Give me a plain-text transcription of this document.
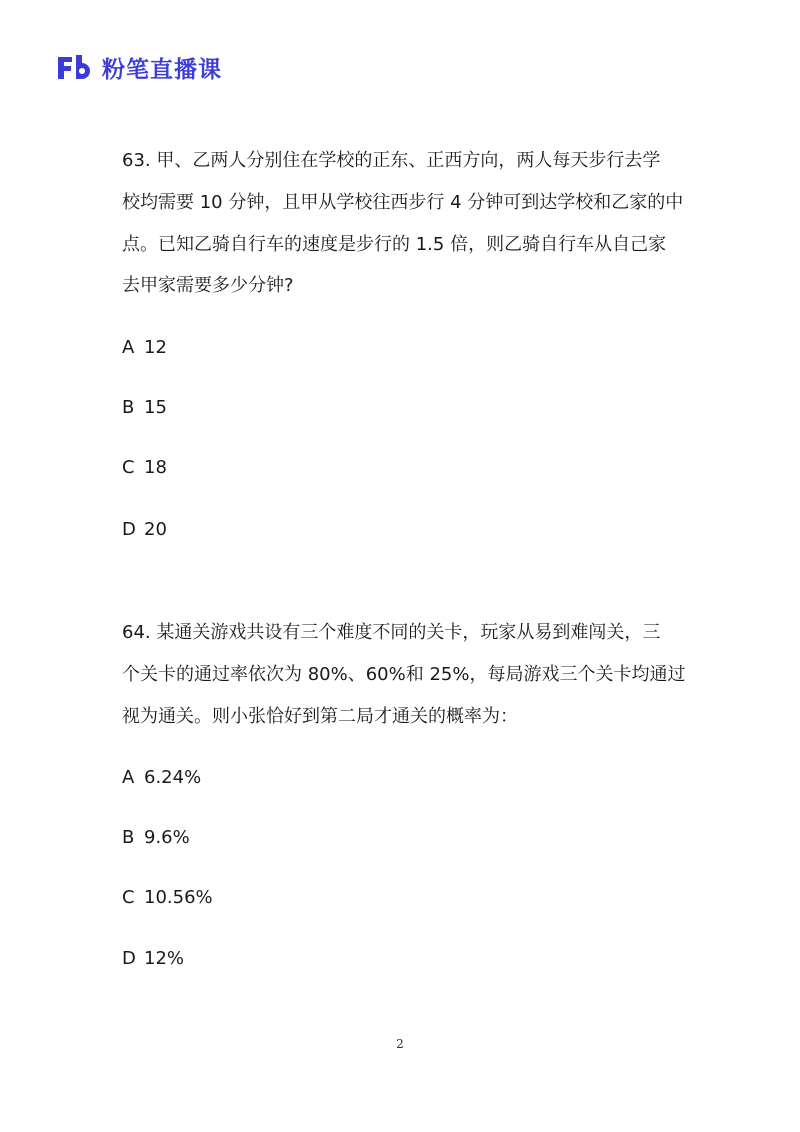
粉笔直播课
63. 甲、乙两人分别住在学校的正东、正西方向，两人每天步行去学
校均需要 10 分钟，且甲从学校往西步行 4 分钟可到达学校和乙家的中
点。已知乙骑自行车的速度是步行的 1.5 倍，则乙骑自行车从自己家
去甲家需要多少分钟?
A 12
B 15
C 18
D 20
64. 某通关游戏共设有三个难度不同的关卡，玩家从易到难闯关，三
个关卡的通过率依次为 80%、60%和 25%，每局游戏三个关卡均通过
视为通关。则小张恰好到第二局才通关的概率为：
A 6.24%
B 9.6%
C 10.56%
D 12%
2
